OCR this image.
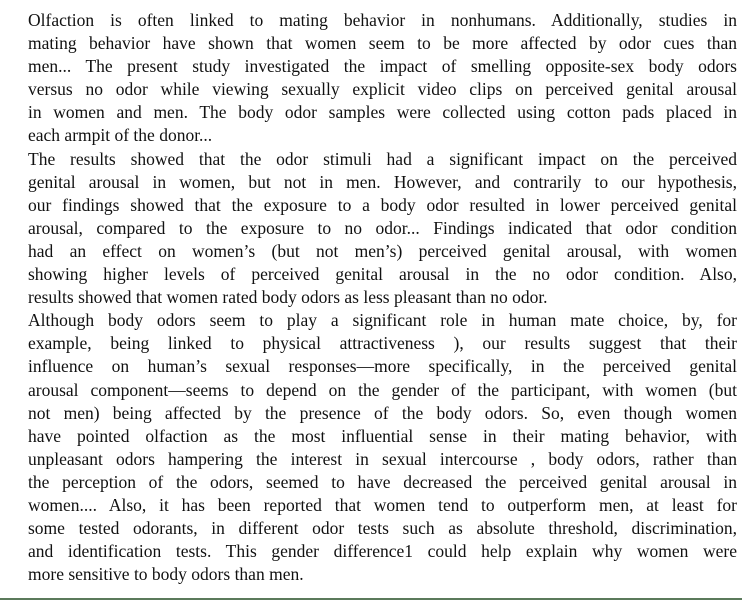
Olfaction is often linked to mating behavior in nonhumans. Additionally, studies in
mating behavior have shown that women seem to be more affected by odor cues than
men... The present study investigated the impact of smelling opposite-sex body odors
versus no odor while viewing sexually explicit video clips on perceived genital arousal
in women and men. The body odor samples were collected using cotton pads placed in
each armpit of the donor...

The results showed that the odor stimuli had a significant impact on the perceived
genital arousal in women, but not in men. However, and contrarily to our hypothesis,
our findings showed that the exposure to a body odor resulted in lower perceived genital
arousal, compared to the exposure to no odor... Findings indicated that odor condition
had an effect on women’s (but not men’s) perceived genital arousal, with women
showing higher levels of perceived genital arousal in the no odor condition. Also,
results showed that women rated body odors as less pleasant than no odor.

Although body odors seem to play a significant role in human mate choice, by, for
example, being linked to physical attractiveness ), our results suggest that their
influence on human’s sexual responses—more specifically, in the perceived genital
arousal component—seems to depend on the gender of the participant, with women (but
not men) being affected by the presence of the body odors. So, even though women
have pointed olfaction as the most influential sense in their mating behavior, with
unpleasant odors hampering the interest in sexual intercourse , body odors, rather than
the perception of the odors, seemed to have decreased the perceived genital arousal in
women.... Also, it has been reported that women tend to outperform men, at least for
some tested odorants, in different odor tests such as absolute threshold, discrimination,
and identification tests. This gender difference1 could help explain why women were
more sensitive to body odors than men.
